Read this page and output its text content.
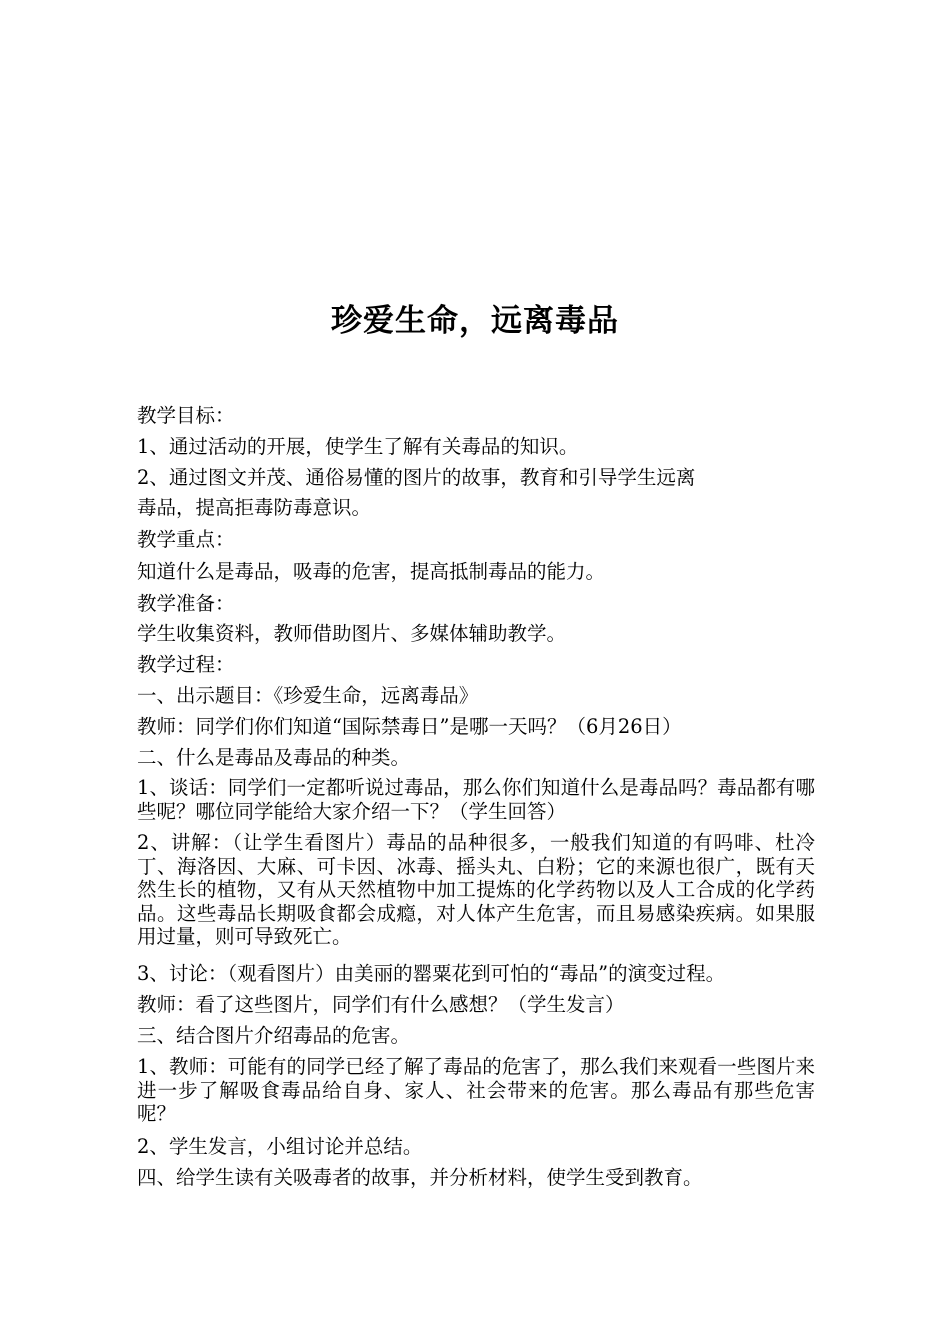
珍爱生命，远离毒品
教学目标：
1、通过活动的开展，使学生了解有关毒品的知识。
2、通过图文并茂、通俗易懂的图片的故事，教育和引导学生远离
毒品，提高拒毒防毒意识。
教学重点：
知道什么是毒品，吸毒的危害，提高抵制毒品的能力。
教学准备：
学生收集资料，教师借助图片、多媒体辅助教学。
教学过程：
一、出示题目：《珍爱生命，远离毒品》
教师：同学们你们知道“国际禁毒日”是哪一天吗？（6月26日）
二、什么是毒品及毒品的种类。
1、谈话：同学们一定都听说过毒品，那么你们知道什么是毒品吗？毒品都有哪些呢？哪位同学能给大家介绍一下？（学生回答）
2、讲解：（让学生看图片）毒品的品种很多，一般我们知道的有吗啡、杜冷丁、海洛因、大麻、可卡因、冰毒、摇头丸、白粉；它的来源也很广，既有天然生长的植物，又有从天然植物中加工提炼的化学药物以及人工合成的化学药品。这些毒品长期吸食都会成瘾，对人体产生危害，而且易感染疾病。如果服用过量，则可导致死亡。
3、讨论：（观看图片）由美丽的罂粟花到可怕的“毒品”的演变过程。
教师：看了这些图片，同学们有什么感想？（学生发言）
三、结合图片介绍毒品的危害。
1、教师：可能有的同学已经了解了毒品的危害了，那么我们来观看一些图片来进一步了解吸食毒品给自身、家人、社会带来的危害。那么毒品有那些危害呢？
2、学生发言，小组讨论并总结。
四、给学生读有关吸毒者的故事，并分析材料，使学生受到教育。
